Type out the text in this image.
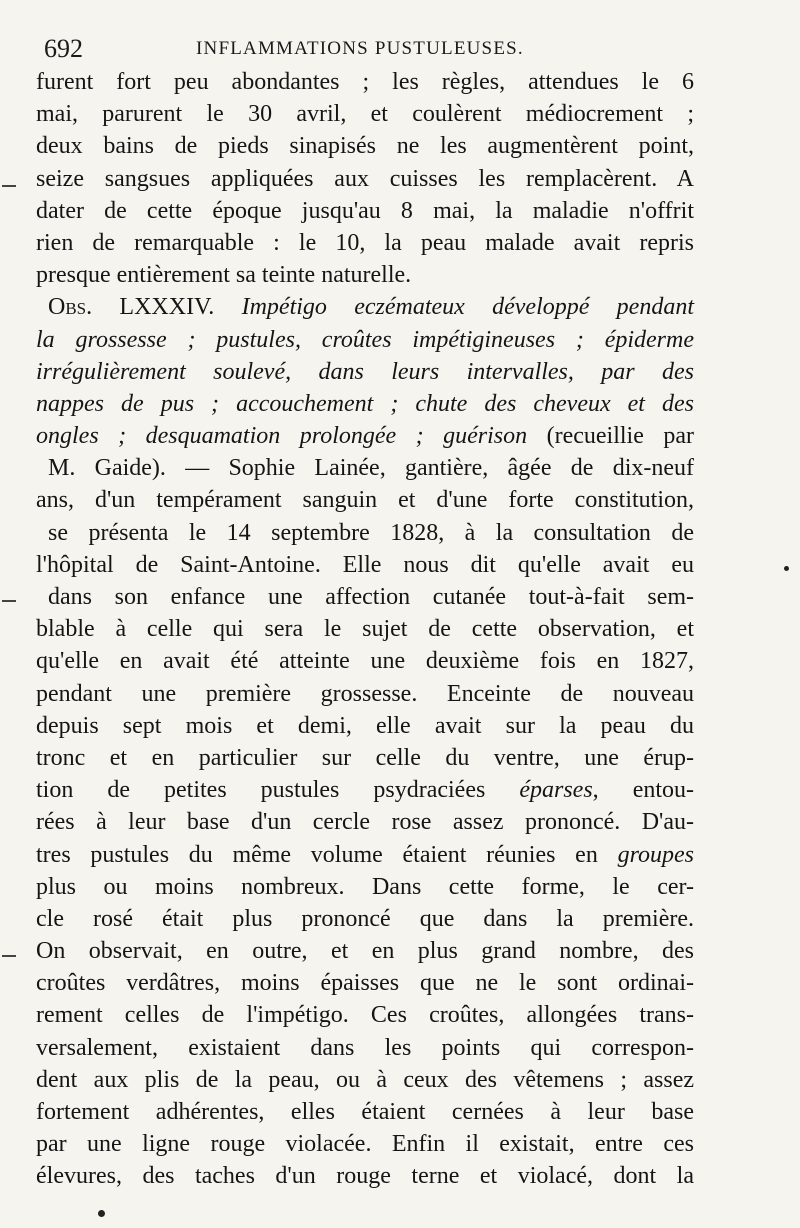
692	INFLAMMATIONS PUSTULEUSES.
furent fort peu abondantes ; les règles, attendues le 6
mai, parurent le 30 avril, et coulèrent médiocrement ;
deux bains de pieds sinapisés ne les augmentèrent point,
seize sangsues appliquées aux cuisses les remplacèrent. A
dater de cette époque jusqu'au 8 mai, la maladie n'offrit
rien de remarquable : le 10, la peau malade avait repris
presque entièrement sa teinte naturelle.
Obs. LXXXIV. Impétigo eczémateux développé pendant
la grossesse ; pustules, croûtes impétigineuses ; épiderme
irrégulièrement soulevé, dans leurs intervalles, par des
nappes de pus ; accouchement ; chute des cheveux et des
ongles ; desquamation prolongée ; guérison (recueillie par
M. Gaide). — Sophie Lainée, gantière, âgée de dix-neuf
ans, d'un tempérament sanguin et d'une forte constitution,
se présenta le 14 septembre 1828, à la consultation de
l'hôpital de Saint-Antoine. Elle nous dit qu'elle avait eu
dans son enfance une affection cutanée tout-à-fait sem-
blable à celle qui sera le sujet de cette observation, et
qu'elle en avait été atteinte une deuxième fois en 1827,
pendant une première grossesse. Enceinte de nouveau
depuis sept mois et demi, elle avait sur la peau du
tronc et en particulier sur celle du ventre, une érup-
tion de petites pustules psydraciées éparses, entou-
rées à leur base d'un cercle rose assez prononcé. D'au-
tres pustules du même volume étaient réunies en groupes
plus ou moins nombreux. Dans cette forme, le cer-
cle rosé était plus prononcé que dans la première.
On observait, en outre, et en plus grand nombre, des
croûtes verdâtres, moins épaisses que ne le sont ordinai-
rement celles de l'impétigo. Ces croûtes, allongées trans-
versalement, existaient dans les points qui correspon-
dent aux plis de la peau, ou à ceux des vêtemens ; assez
fortement adhérentes, elles étaient cernées à leur base
par une ligne rouge violacée. Enfin il existait, entre ces
élevures, des taches d'un rouge terne et violacé, dont la
